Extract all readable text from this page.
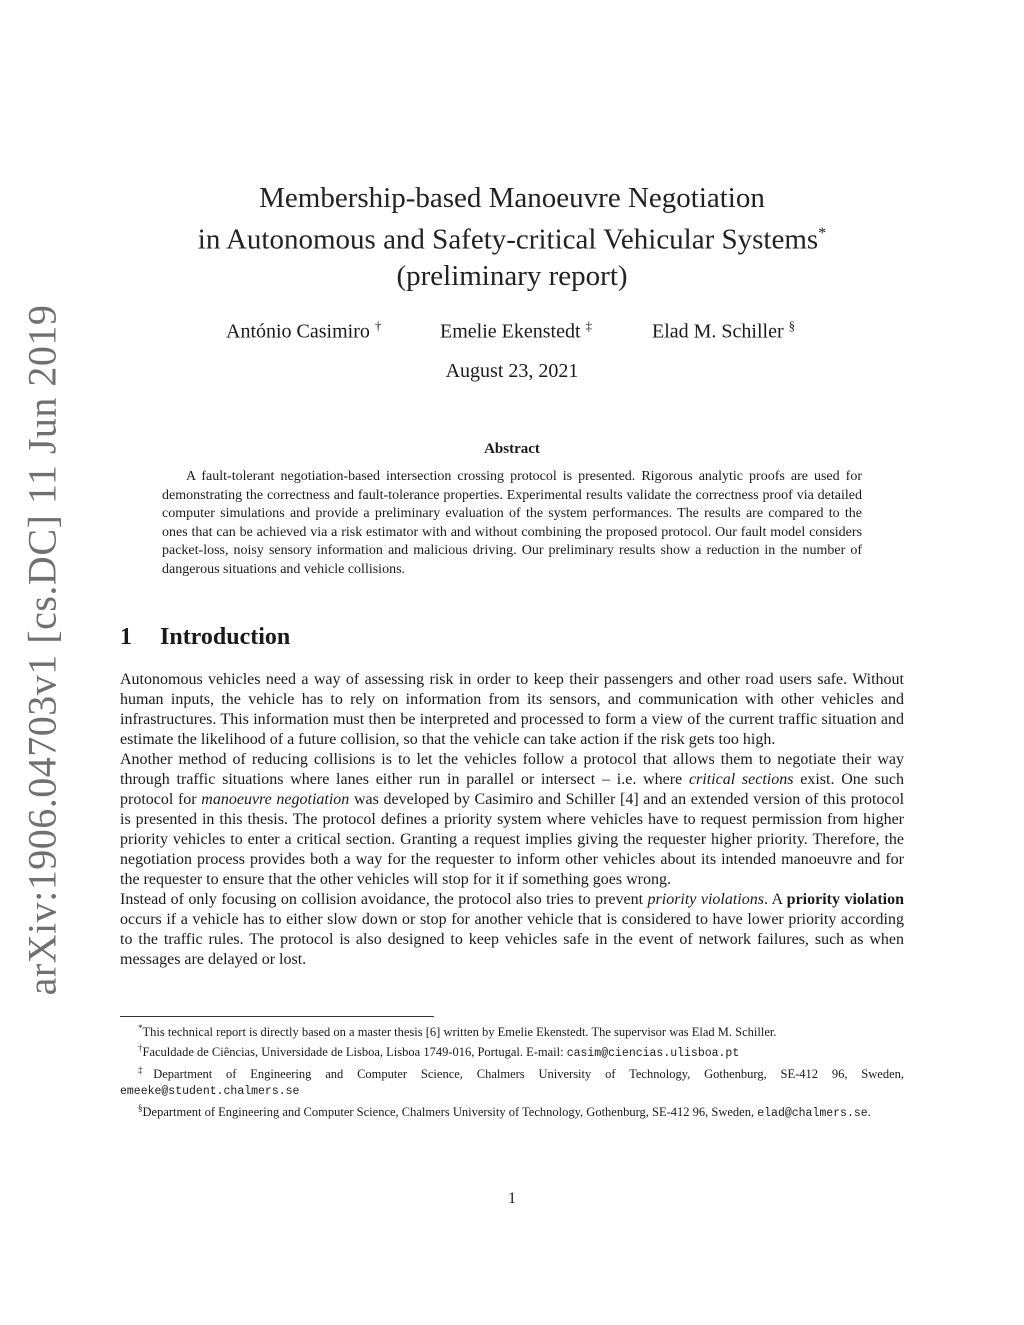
arXiv:1906.04703v1 [cs.DC] 11 Jun 2019
Membership-based Manoeuvre Negotiation
in Autonomous and Safety-critical Vehicular Systems*
(preliminary report)
António Casimiro †	Emelie Ekenstedt ‡	Elad M. Schiller §
August 23, 2021
Abstract
A fault-tolerant negotiation-based intersection crossing protocol is presented. Rigorous analytic proofs are used for demonstrating the correctness and fault-tolerance properties. Experimental results validate the correctness proof via detailed computer simulations and provide a preliminary evaluation of the system performances. The results are compared to the ones that can be achieved via a risk estimator with and without combining the proposed protocol. Our fault model considers packet-loss, noisy sensory information and malicious driving. Our preliminary results show a reduction in the number of dangerous situations and vehicle collisions.
1 Introduction

Autonomous vehicles need a way of assessing risk in order to keep their passengers and other road users safe. Without human inputs, the vehicle has to rely on information from its sensors, and communication with other vehicles and infrastructures. This information must then be interpreted and processed to form a view of the current traffic situation and estimate the likelihood of a future collision, so that the vehicle can take action if the risk gets too high.

Another method of reducing collisions is to let the vehicles follow a protocol that allows them to negotiate their way through traffic situations where lanes either run in parallel or intersect – i.e. where critical sections exist. One such protocol for manoeuvre negotiation was developed by Casimiro and Schiller [4] and an extended version of this protocol is presented in this thesis. The protocol defines a priority system where vehicles have to request permission from higher priority vehicles to enter a critical section. Granting a request implies giving the requester higher priority. Therefore, the negotiation process provides both a way for the requester to inform other vehicles about its intended manoeuvre and for the requester to ensure that the other vehicles will stop for it if something goes wrong.

Instead of only focusing on collision avoidance, the protocol also tries to prevent priority violations. A priority violation occurs if a vehicle has to either slow down or stop for another vehicle that is considered to have lower priority according to the traffic rules. The protocol is also designed to keep vehicles safe in the event of network failures, such as when messages are delayed or lost.

*This technical report is directly based on a master thesis [6] written by Emelie Ekenstedt. The supervisor was Elad M. Schiller.

†Faculdade de Ciências, Universidade de Lisboa, Lisboa 1749-016, Portugal. E-mail: casim@ciencias.ulisboa.pt

‡Department of Engineering and Computer Science, Chalmers University of Technology, Gothenburg, SE-412 96, Sweden, emeeke@student.chalmers.se

§Department of Engineering and Computer Science, Chalmers University of Technology, Gothenburg, SE-412 96, Sweden, elad@chalmers.se.

1
